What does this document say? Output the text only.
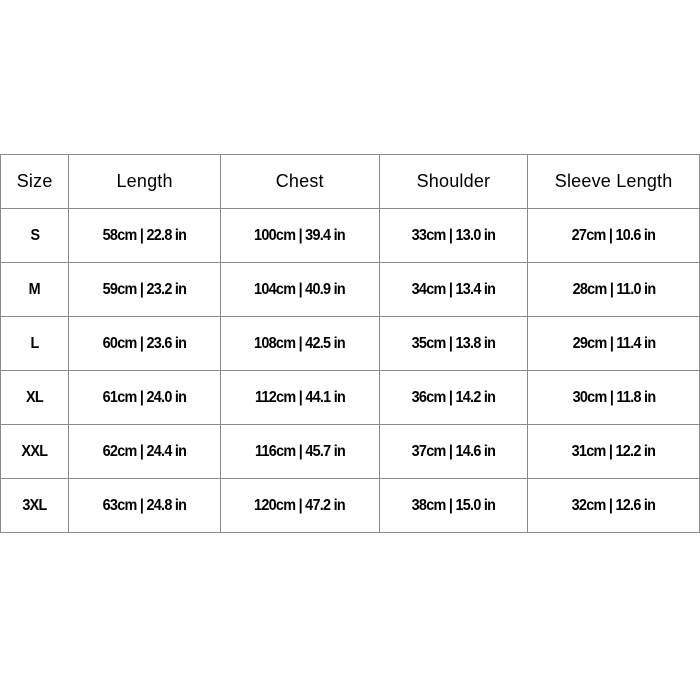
Size	Length	Chest	Shoulder	Sleeve Length
S	58cm | 22.8 in	100cm | 39.4 in	33cm | 13.0 in	27cm | 10.6 in
M	59cm | 23.2 in	104cm | 40.9 in	34cm | 13.4 in	28cm | 11.0 in
L	60cm | 23.6 in	108cm | 42.5 in	35cm | 13.8 in	29cm | 11.4 in
XL	61cm | 24.0 in	112cm | 44.1 in	36cm | 14.2 in	30cm | 11.8 in
XXL	62cm | 24.4 in	116cm | 45.7 in	37cm | 14.6 in	31cm | 12.2 in
3XL	63cm | 24.8 in	120cm | 47.2 in	38cm | 15.0 in	32cm | 12.6 in
